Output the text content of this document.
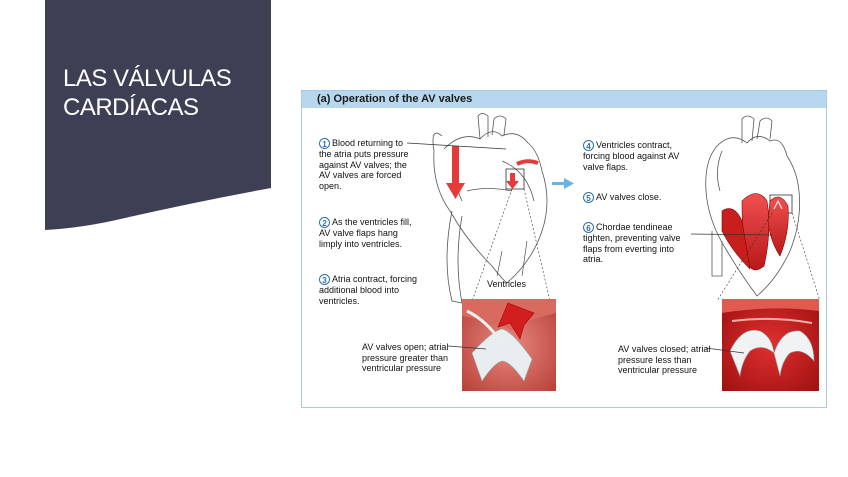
LAS VÁLVULAS
CARDÍACAS	(a) Operation of the AV valves
1 Blood returning to the atria puts pressure against AV valves; the AV valves are forced open.
2 As the ventricles fill, AV valve flaps hang limply into ventricles.
3 Atria contract, forcing additional blood into ventricles.
4 Ventricles contract, forcing blood against AV valve flaps.
5 AV valves close.
6 Chordae tendineae tighten, preventing valve flaps from everting into atria.
Ventricles
AV valves open; atrial pressure greater than ventricular pressure
AV valves closed; atrial pressure less than ventricular pressure
